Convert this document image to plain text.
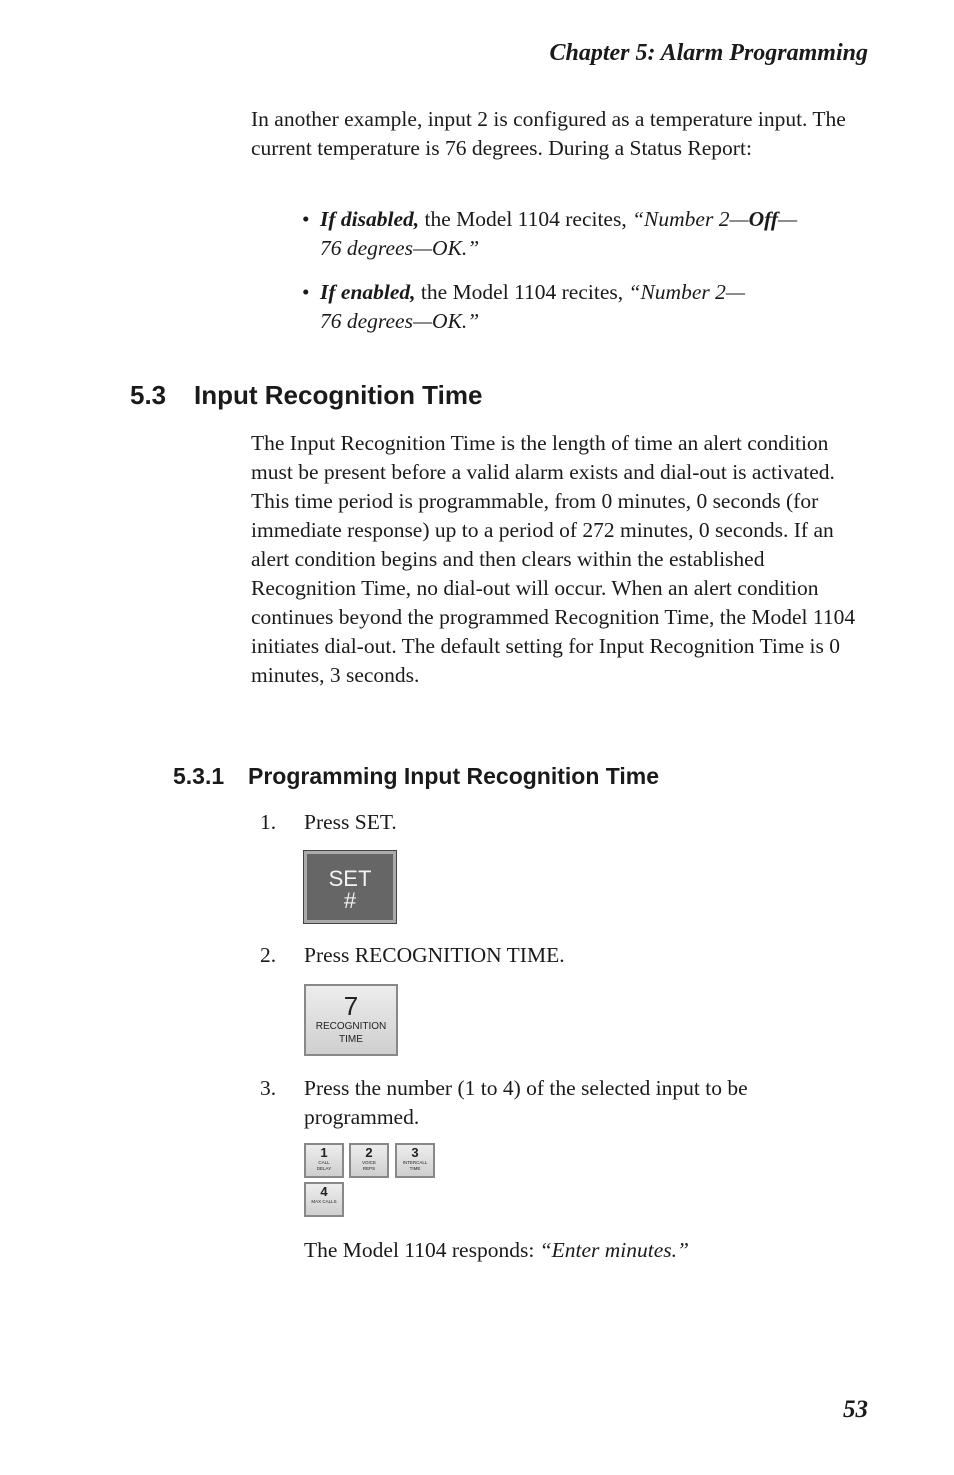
Chapter 5: Alarm Programming

In another example, input 2 is configured as a temperature input. The current temperature is 76 degrees. During a Status Report:

• If disabled, the Model 1104 recites, “Number 2—Off—
76 degrees—OK.”
• If enabled, the Model 1104 recites, “Number 2—
76 degrees—OK.”
5.3 Input Recognition Time

The Input Recognition Time is the length of time an alert condition must be present before a valid alarm exists and dial-out is activated. This time period is programmable, from 0 minutes, 0 seconds (for immediate response) up to a period of 272 minutes, 0 seconds. If an alert condition begins and then clears within the established Recognition Time, no dial-out will occur. When an alert condition continues beyond the programmed Recognition Time, the Model 1104 initiates dial-out. The default setting for Input Recognition Time is 0 minutes, 3 seconds.

5.3.1 Programming Input Recognition Time
1.	Press SET.
SET
#
2.	Press RECOGNITION TIME.
7
RECOGNITION
TIME
3.	Press the number (1 to 4) of the selected input to be programmed.
1
CALL
DELAY
2
VOICE
REPS
3
INTERCALL
TIME
4
MAX CALLS
The Model 1104 responds: “Enter minutes.”
53
